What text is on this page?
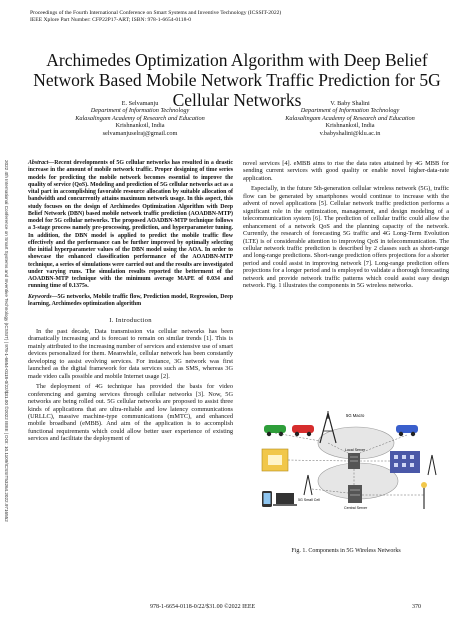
Proceedings of the Fourth International Conference on Smart Systems and Inventive Technology (ICSSIT-2022)
IEEE Xplore Part Number: CFP22P17-ART; ISBN: 978-1-6654-0118-0
Archimedes Optimization Algorithm with Deep Belief Network Based Mobile Network Traffic Prediction for 5G Cellular Networks
E. Selvamanju
Department of Information Technology
Kalasalingam Academy of Research and Education
Krishnankoil, India
selvamanjuselraj@gmail.com
V. Baby Shalini
Department of Information Technology
Kalasalingam Academy of Research and Education
Krishnankoil, India
v.babyshalini@klu.ac.in
2022 4th International Conference on Smart Systems and Inventive Technology (ICSSIT) | 978-1-6654-0118-0/22/$31.00 ©2022 IEEE | DOI: 10.1109/ICSSIT53264.2022.9716552	Abstract—Recent developments of 5G cellular networks has resulted in a drastic increase in the amount of mobile network traffic. Proper designing of time series models for predicting the mobile network becomes essential to improve the quality of service (QoS). Modeling and prediction of 5G cellular networks act as a vital part in accomplishing favorable resource allocation by suitable allocation of bandwidth and concurrently attains maximum network usage. In this aspect, this study focuses on the design of Archimedes Optimization Algorithm with Deep Belief Network (DBN) based mobile network traffic prediction (AOADBN-MTP) model for 5G cellular networks. The proposed AOADBN-MTP technique follows a 3-stage process namely pre-processing, prediction, and hyperparameter tuning. In addition, the DBN model is applied to predict the mobile traffic flow effectively and the performance can be further improved by optimally selecting the initial hyperparameter values of the DBN model using the AOA. In order to showcase the enhanced classification performance of the AOADBN-MTP technique, a series of simulations were carried out and the results are investigated under varying runs. The simulation results reported the betterment of the AOADBN-MTP technique with the minimum average MAPE of 0.034 and running time of 0.1375s.

Keywords—5G networks, Mobile traffic flow, Prediction model, Regression, Deep learning, Archimedes optimization algorithm

I. Introduction

In the past decade, Data transmission via cellular networks has been dramatically increasing and is forecast to remain on similar trends [1]. This is mainly attributed to the increasing number of services and extensive use of smart devices personalized for them. Meanwhile, cellular network has been constantly developing to assist evolving services. For instance, 3G network was first launched as the digital framework for data services such as SMS, whereas 3G made video calls possible and mobile Internet usage [2].

The deployment of 4G technique has provided the basis for video conferencing and gaming services through cellular networks [3]. Now, 5G networks are being rolled out. 5G cellular networks are proposed to assist three kinds of applications that are ultra-reliable and low latency communications (URLLC), massive machine-type communications (mMTC), and enhanced mobile broadband (eMBB). And aim of the application is to accomplish functional requirements which could allow better user experience of existing services and facilitate the deployment of

novel services [4]. eMBB aims to rise the data rates attained by 4G MBB for sending current services with good quality or enable novel higher-data-rate application.

Especially, in the future 5th-generation cellular wireless network (5G), traffic flow can be generated by smartphones would continue to increase with the advent of novel applications [5]. Cellular network traffic prediction performs a significant role in the optimization, management, and design modeling of a telecommunication system [6]. The prediction of cellular traffic could allow the enhancement of a network QoS and the planning capacity of the network. Currently, the research of forecasting 5G traffic and 4G Long-Term Evolution (LTE) is of considerable attention to improving QoS in telecommunication. The cellular network traffic prediction is described by 2 classes such as short-range and long-range predictions. Short-range prediction offers projections for a shorter period and could assist in improving network [7]. Long-range prediction offers projections for a longer period and is employed to validate a thorough forecasting network and provide network traffic patterns which could assist easy design network. Fig. 1 illustrates the components in 5G wireless networks.

5G Macro
Local Server
5G Small Cell
Central Server
Fig. 1. Components in 5G Wireless Networks
978-1-6654-0118-0/22/$31.00 ©2022 IEEE	370
